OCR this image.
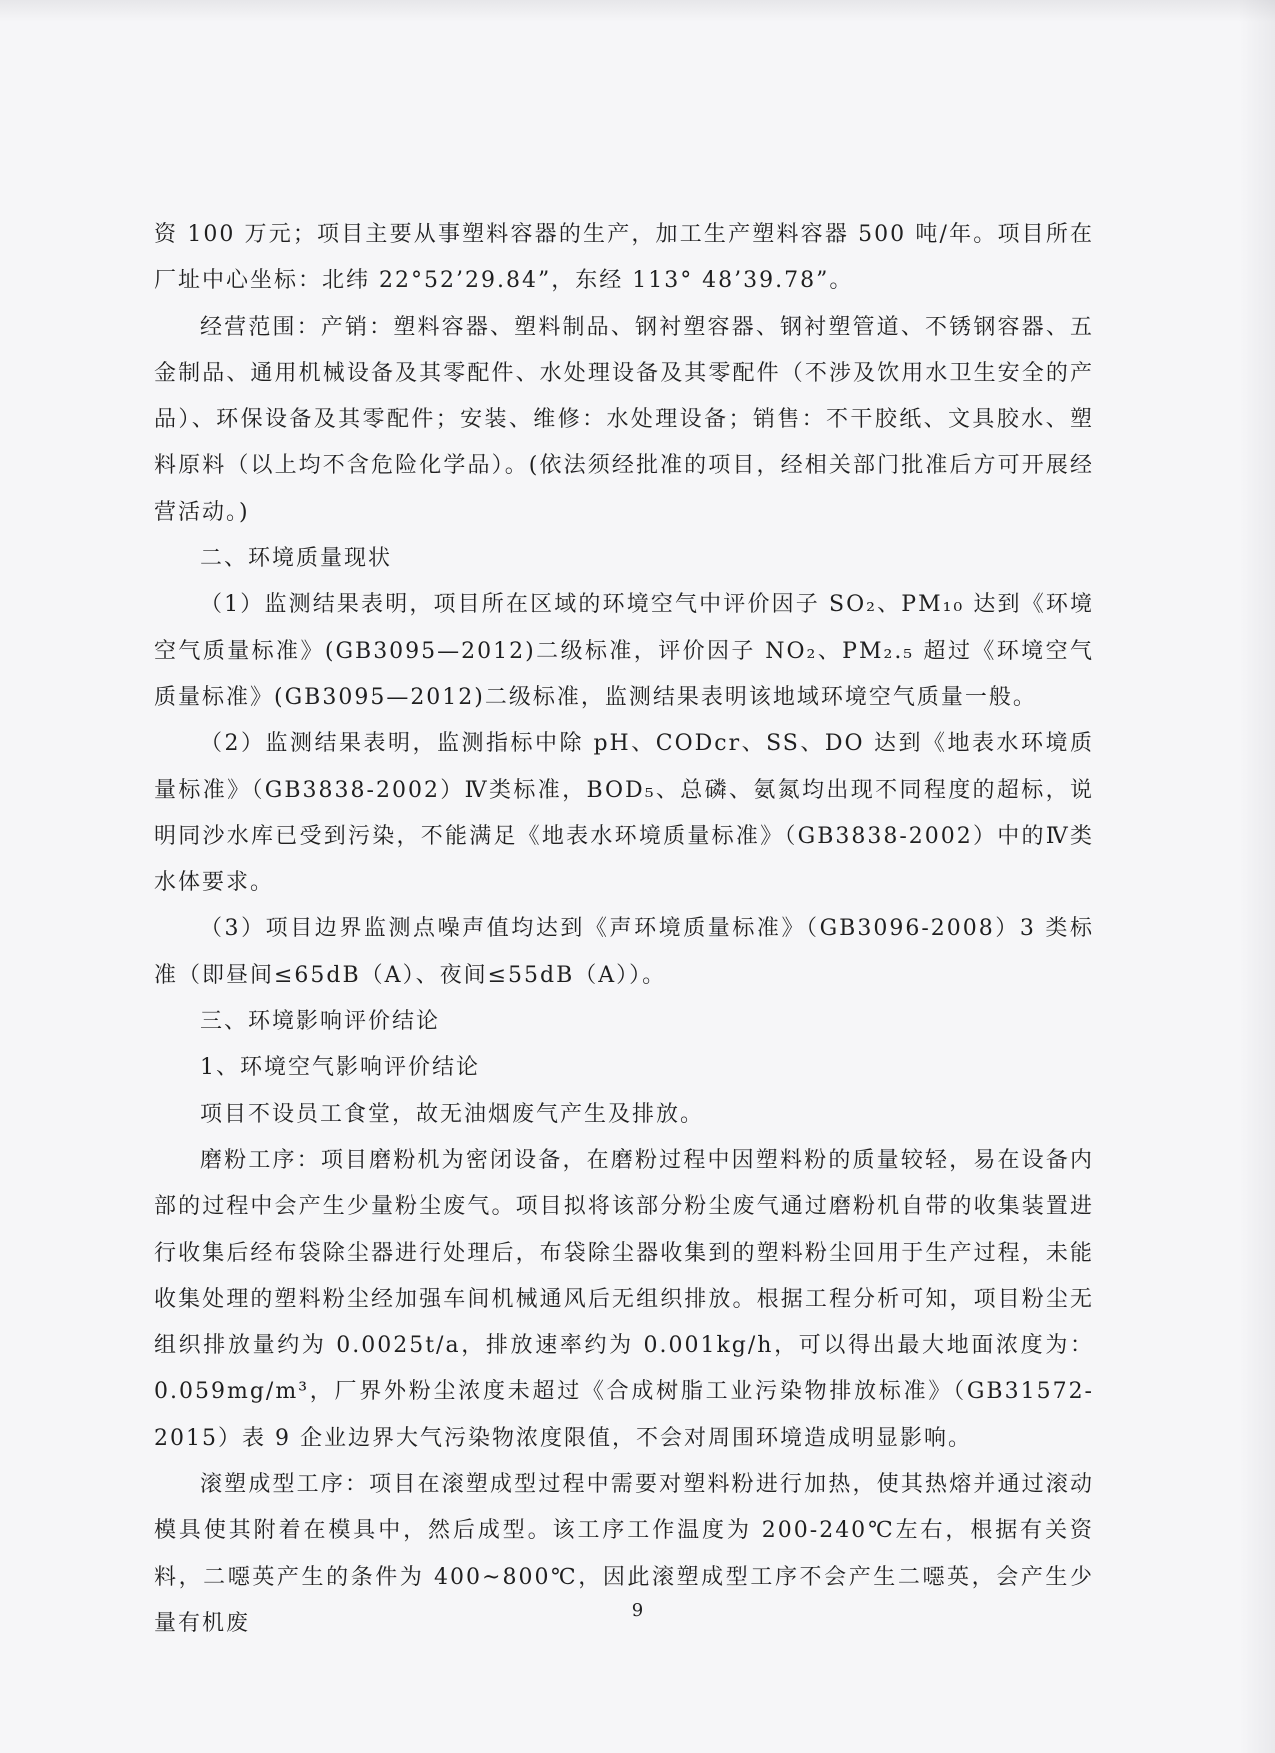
资 100 万元；项目主要从事塑料容器的生产，加工生产塑料容器 500 吨/年。项目所在厂址中心坐标：北纬 22°52’29.84”，东经 113° 48’39.78”。

经营范围：产销：塑料容器、塑料制品、钢衬塑容器、钢衬塑管道、不锈钢容器、五金制品、通用机械设备及其零配件、水处理设备及其零配件（不涉及饮用水卫生安全的产品）、环保设备及其零配件；安装、维修：水处理设备；销售：不干胶纸、文具胶水、塑料原料（以上均不含危险化学品）。(依法须经批准的项目，经相关部门批准后方可开展经营活动。)

二、环境质量现状

（1）监测结果表明，项目所在区域的环境空气中评价因子 SO₂、PM₁₀ 达到《环境空气质量标准》(GB3095—2012)二级标准，评价因子 NO₂、PM₂.₅ 超过《环境空气质量标准》(GB3095—2012)二级标准，监测结果表明该地域环境空气质量一般。

（2）监测结果表明，监测指标中除 pH、CODcr、SS、DO 达到《地表水环境质量标准》（GB3838-2002）Ⅳ类标准，BOD₅、总磷、氨氮均出现不同程度的超标，说明同沙水库已受到污染，不能满足《地表水环境质量标准》（GB3838-2002）中的Ⅳ类水体要求。

（3）项目边界监测点噪声值均达到《声环境质量标准》（GB3096-2008）3 类标准（即昼间≤65dB（A）、夜间≤55dB（A））。

三、环境影响评价结论

1、环境空气影响评价结论

项目不设员工食堂，故无油烟废气产生及排放。

磨粉工序：项目磨粉机为密闭设备，在磨粉过程中因塑料粉的质量较轻，易在设备内部的过程中会产生少量粉尘废气。项目拟将该部分粉尘废气通过磨粉机自带的收集装置进行收集后经布袋除尘器进行处理后，布袋除尘器收集到的塑料粉尘回用于生产过程，未能收集处理的塑料粉尘经加强车间机械通风后无组织排放。根据工程分析可知，项目粉尘无组织排放量约为 0.0025t/a，排放速率约为 0.001kg/h，可以得出最大地面浓度为：0.059mg/m³，厂界外粉尘浓度未超过《合成树脂工业污染物排放标准》（GB31572-2015）表 9 企业边界大气污染物浓度限值，不会对周围环境造成明显影响。

滚塑成型工序：项目在滚塑成型过程中需要对塑料粉进行加热，使其热熔并通过滚动模具使其附着在模具中，然后成型。该工序工作温度为 200-240℃左右，根据有关资料，二噁英产生的条件为 400~800℃，因此滚塑成型工序不会产生二噁英，会产生少量有机废

9
